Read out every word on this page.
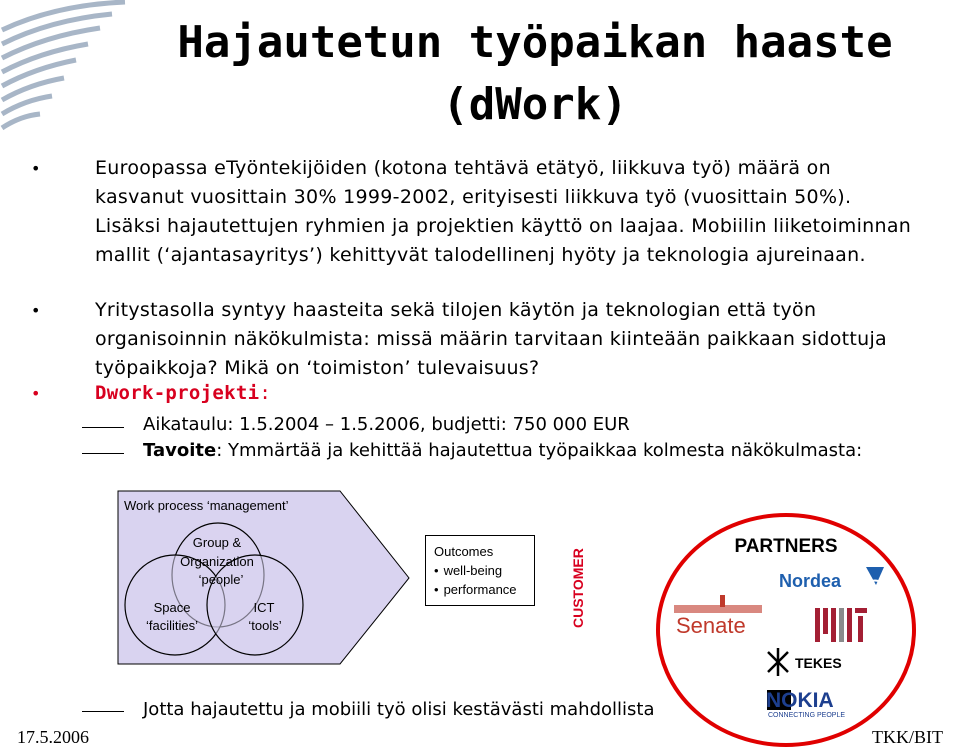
Hajautetun työpaikan haaste
(dWork)
•	Euroopassa eTyöntekijöiden (kotona tehtävä etätyö, liikkuva työ) määrä on kasvanut vuosittain 30% 1999-2002, erityisesti liikkuva työ (vuosittain 50%). Lisäksi hajautettujen ryhmien ja projektien käyttö on laajaa. Mobiilin liiketoiminnan mallit (‘ajantasayritys’) kehittyvät talodellinenj hyöty ja teknologia ajureinaan.
•	Yritystasolla syntyy haasteita sekä tilojen käytön ja teknologian että työn organisoinnin näkökulmista: missä määrin tarvitaan kiinteään paikkaan sidottuja työpaikkoja? Mikä on ‘toimiston’ tulevaisuus?
•	Dwork-projekti:
Aikataulu: 1.5.2004 – 1.5.2006, budjetti: 750 000 EUR
Tavoite: Ymmärtää ja kehittää hajautettua työpaikkaa kolmesta näkökulmasta:
Work process ‘management’
Group &
Organization
‘people’
Space
‘facilities’
ICT
‘tools’
Nordea
MIT
Senate
TEKES
NOKIA
CONNECTING PEOPLE
Outcomes
• well-being
• performance	CUSTOMER
PARTNERS
Jotta hajautettu ja mobiili työ olisi kestävästi mahdollista
17.5.2006	TKK/BIT
